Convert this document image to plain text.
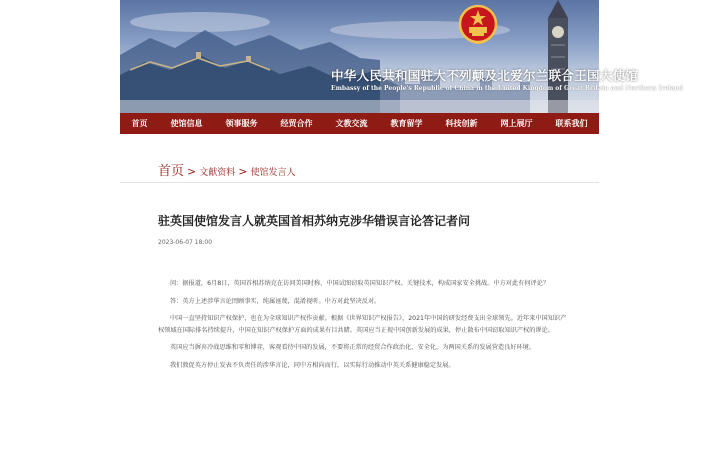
中华人民共和国驻大不列颠及北爱尔兰联合王国大使馆
Embassy of the People's Republic of China in the United Kingdom of Great Britain and Northern Ireland
首页	使馆信息	领事服务	经贸合作	文教交流	教育留学	科技创新	网上展厅	联系我们
首页 > 文献资料 > 使馆发言人
驻英国使馆发言人就英国首相苏纳克涉华错误言论答记者问
2023-06-07 18:00

问：据报道，6月8日，英国首相苏纳克在访问美国时称，中国试图窃取英国知识产权、关键技术，构成国家安全挑战。中方对此有何评论？

答：英方上述涉华言论罔顾事实，纯属诬蔑，混淆视听。中方对此坚决反对。

中国一直坚持知识产权保护，也在为全球知识产权作贡献。根据《世界知识产权报告》，2021年中国的研发经费支出全球领先。近年来中国知识产权领域在国际排名持续提升，中国在知识产权保护方面的成果有目共睹。英国应当正视中国创新发展的成果，停止散布中国窃取知识产权的谬论。

英国应当摒弃冷战思维和零和博弈，客观看待中国的发展，不要将正常的经贸合作政治化、安全化，为两国关系的发展营造良好环境。

我们敦促英方停止发表不负责任的涉华言论，同中方相向而行，以实际行动推动中英关系健康稳定发展。
